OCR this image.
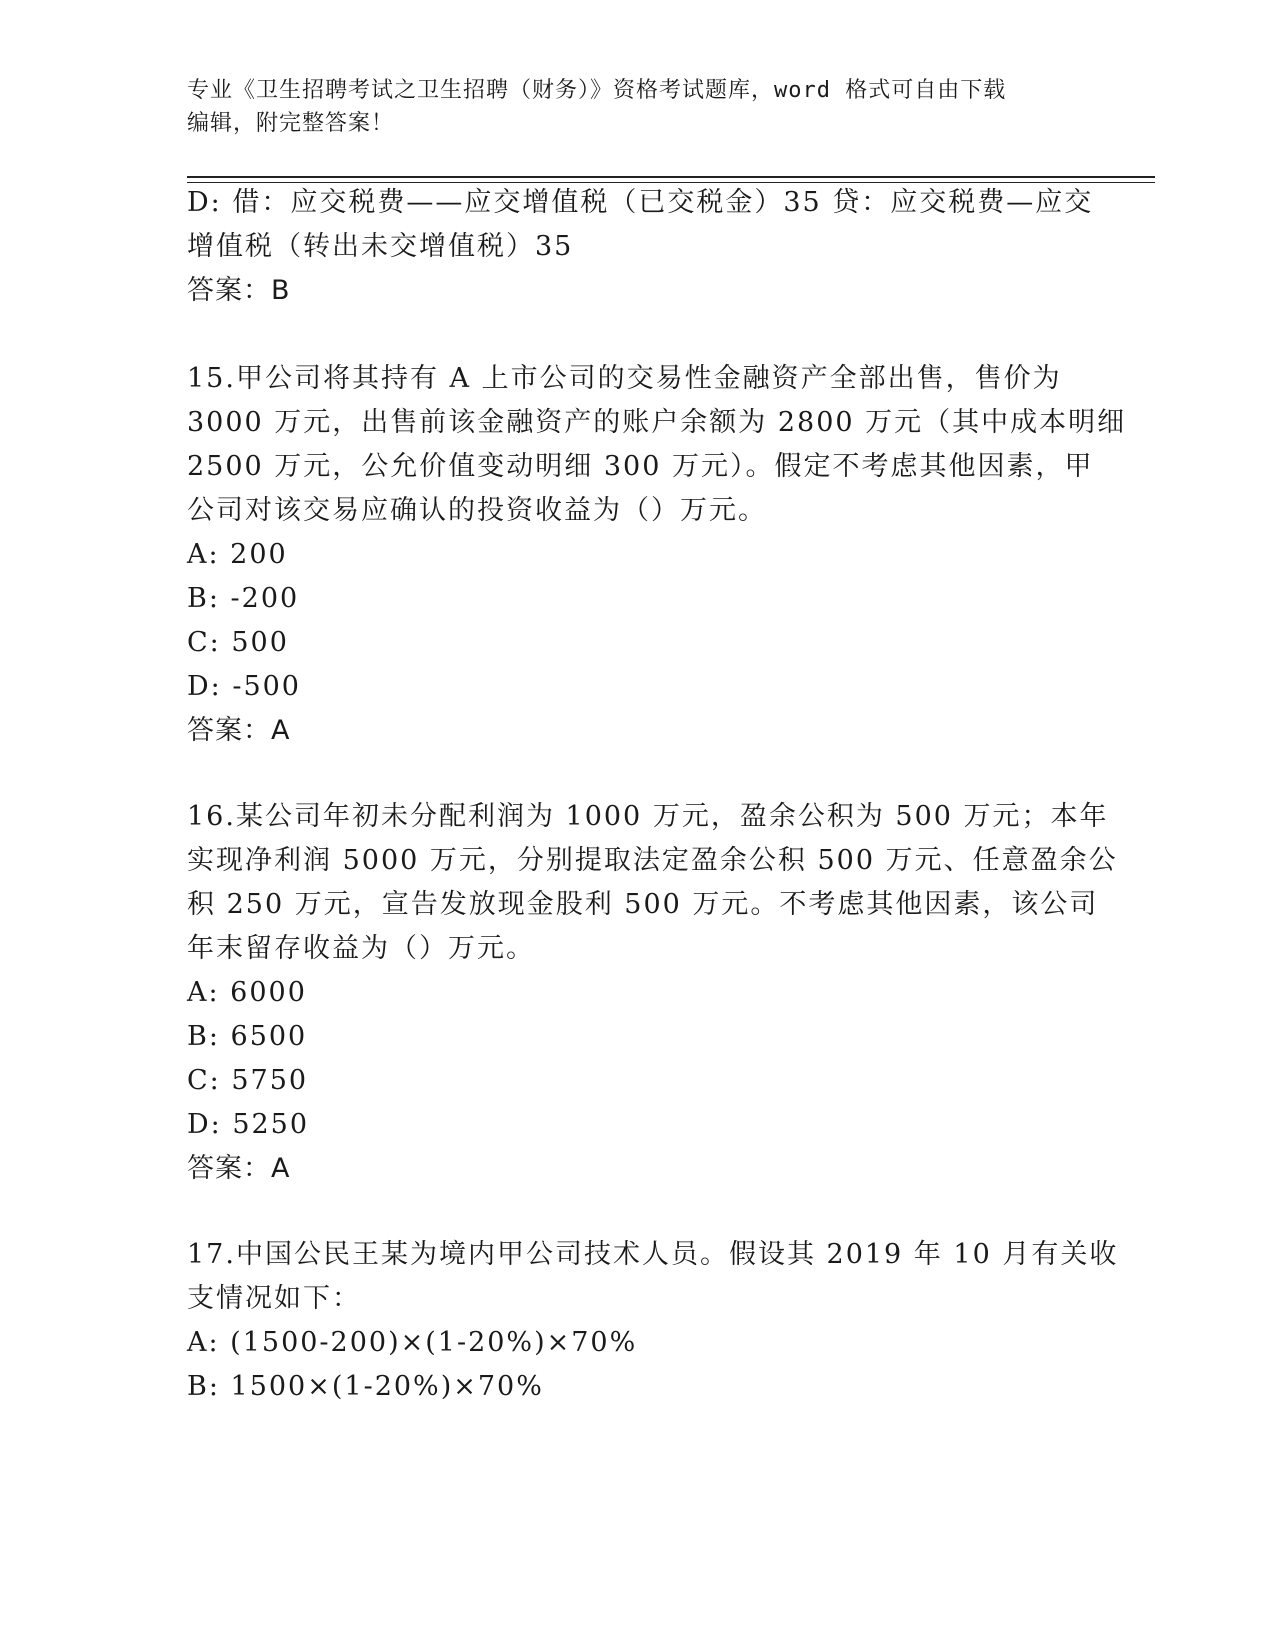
专业《卫生招聘考试之卫生招聘（财务）》资格考试题库，word 格式可自由下载
编辑，附完整答案！
D: 借：应交税费——应交增值税（已交税金）35 贷：应交税费—应交
增值税（转出未交增值税）35
答案：B
15.甲公司将其持有 A 上市公司的交易性金融资产全部出售，售价为
3000 万元，出售前该金融资产的账户余额为 2800 万元（其中成本明细
2500 万元，公允价值变动明细 300 万元）。假定不考虑其他因素，甲
公司对该交易应确认的投资收益为（）万元。
A: 200
B: -200
C: 500
D: -500
答案：A
16.某公司年初未分配利润为 1000 万元，盈余公积为 500 万元；本年
实现净利润 5000 万元，分别提取法定盈余公积 500 万元、任意盈余公
积 250 万元，宣告发放现金股利 500 万元。不考虑其他因素，该公司
年末留存收益为（）万元。
A: 6000
B: 6500
C: 5750
D: 5250
答案：A
17.中国公民王某为境内甲公司技术人员。假设其 2019 年 10 月有关收
支情况如下：
A: (1500-200)×(1-20%)×70%
B: 1500×(1-20%)×70%
